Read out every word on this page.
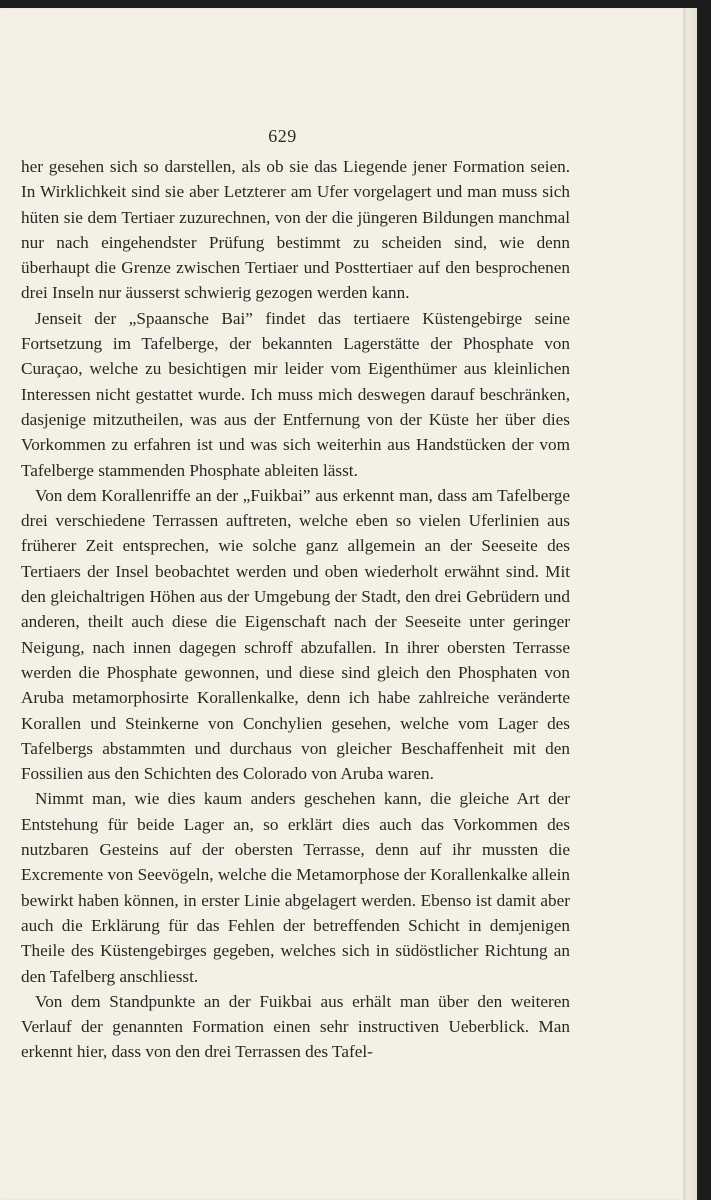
629

her gesehen sich so darstellen, als ob sie das Liegende jener Formation seien. In Wirklichkeit sind sie aber Letzterer am Ufer vorgelagert und man muss sich hüten sie dem Tertiaer zuzurechnen, von der die jüngeren Bildungen manchmal nur nach eingehendster Prüfung bestimmt zu scheiden sind, wie denn überhaupt die Grenze zwischen Tertiaer und Posttertiaer auf den besprochenen drei Inseln nur äusserst schwierig gezogen werden kann.

Jenseit der „Spaansche Bai” findet das tertiaere Küstengebirge seine Fortsetzung im Tafelberge, der bekannten Lagerstätte der Phosphate von Curaçao, welche zu besichtigen mir leider vom Eigenthümer aus kleinlichen Interessen nicht gestattet wurde. Ich muss mich deswegen darauf beschränken, dasjenige mitzutheilen, was aus der Entfernung von der Küste her über dies Vorkommen zu erfahren ist und was sich weiterhin aus Handstücken der vom Tafelberge stammenden Phosphate ableiten lässt.

Von dem Korallenriffe an der „Fuikbai” aus erkennt man, dass am Tafelberge drei verschiedene Terrassen auftreten, welche eben so vielen Uferlinien aus früherer Zeit entsprechen, wie solche ganz allgemein an der Seeseite des Tertiaers der Insel beobachtet werden und oben wiederholt erwähnt sind. Mit den gleichaltrigen Höhen aus der Umgebung der Stadt, den drei Gebrüdern und anderen, theilt auch diese die Eigenschaft nach der Seeseite unter geringer Neigung, nach innen dagegen schroff abzufallen. In ihrer obersten Terrasse werden die Phosphate gewonnen, und diese sind gleich den Phosphaten von Aruba metamorphosirte Korallenkalke, denn ich habe zahlreiche veränderte Korallen und Steinkerne von Conchylien gesehen, welche vom Lager des Tafelbergs abstammten und durchaus von gleicher Beschaffenheit mit den Fossilien aus den Schichten des Colorado von Aruba waren.

Nimmt man, wie dies kaum anders geschehen kann, die gleiche Art der Entstehung für beide Lager an, so erklärt dies auch das Vorkommen des nutzbaren Gesteins auf der obersten Terrasse, denn auf ihr mussten die Excremente von Seevögeln, welche die Metamorphose der Korallenkalke allein bewirkt haben können, in erster Linie abgelagert werden. Ebenso ist damit aber auch die Erklärung für das Fehlen der betreffenden Schicht in demjenigen Theile des Küstengebirges gegeben, welches sich in südöstlicher Richtung an den Tafelberg anschliesst.

Von dem Standpunkte an der Fuikbai aus erhält man über den weiteren Verlauf der genannten Formation einen sehr instructiven Ueberblick. Man erkennt hier, dass von den drei Terrassen des Tafel-
